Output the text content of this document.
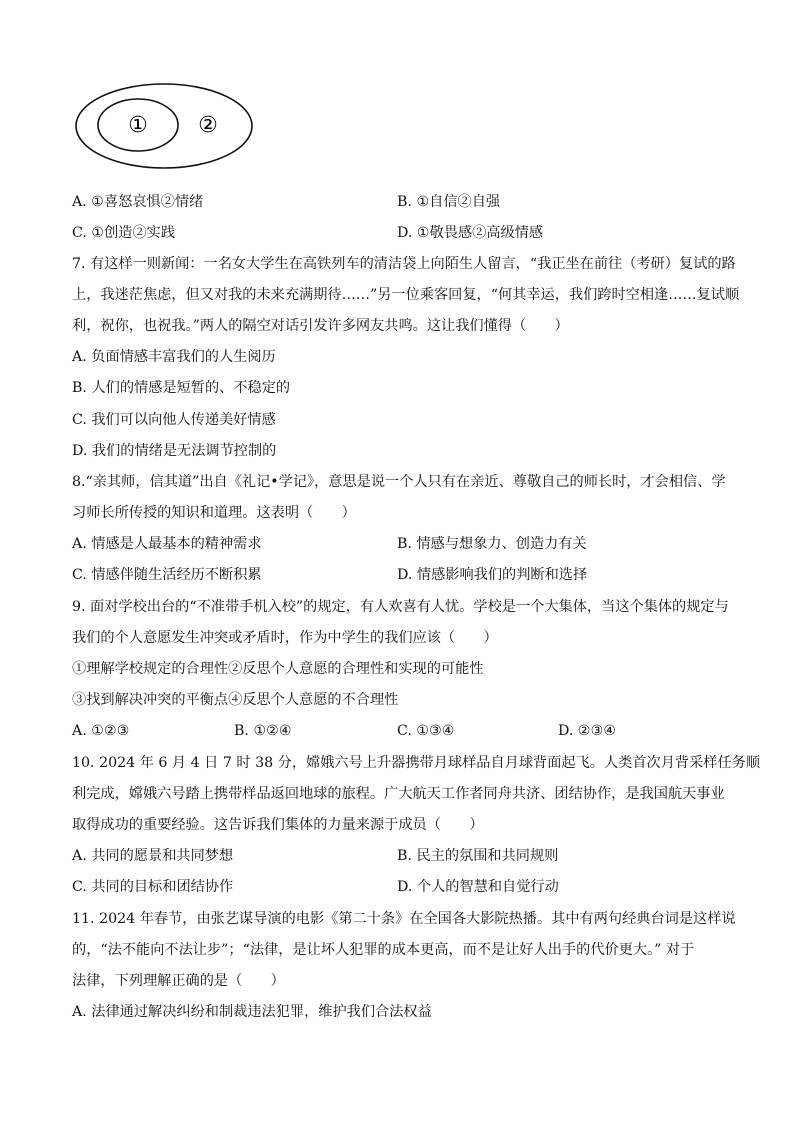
① ②
A. ①喜怒哀惧②情绪	B. ①自信②自强
C. ①创造②实践	D. ①敬畏感②高级情感
7. 有这样一则新闻：一名女大学生在高铁列车的清洁袋上向陌生人留言，“我正坐在前往（考研）复试的路
上，我迷茫焦虑，但又对我的未来充满期待……”另一位乘客回复，“何其幸运，我们跨时空相逢……复试顺
利，祝你，也祝我。”两人的隔空对话引发许多网友共鸣。这让我们懂得（　　）
A. 负面情感丰富我们的人生阅历
B. 人们的情感是短暂的、不稳定的
C. 我们可以向他人传递美好情感
D. 我们的情绪是无法调节控制的
8.“亲其师，信其道”出自《礼记•学记》，意思是说一个人只有在亲近、尊敬自己的师长时，才会相信、学
习师长所传授的知识和道理。这表明（　　）
A. 情感是人最基本的精神需求	B. 情感与想象力、创造力有关
C. 情感伴随生活经历不断积累	D. 情感影响我们的判断和选择
9. 面对学校出台的“不准带手机入校”的规定，有人欢喜有人忧。学校是一个大集体，当这个集体的规定与
我们的个人意愿发生冲突或矛盾时，作为中学生的我们应该（　　）
①理解学校规定的合理性②反思个人意愿的合理性和实现的可能性
③找到解决冲突的平衡点④反思个人意愿的不合理性
A. ①②③	B. ①②④	C. ①③④	D. ②③④
10. 2024 年 6 月 4 日 7 时 38 分，嫦娥六号上升器携带月球样品自月球背面起飞。人类首次月背采样任务顺
利完成，嫦娥六号踏上携带样品返回地球的旅程。广大航天工作者同舟共济、团结协作，是我国航天事业
取得成功的重要经验。这告诉我们集体的力量来源于成员（　　）
A. 共同的愿景和共同梦想	B. 民主的氛围和共同规则
C. 共同的目标和团结协作	D. 个人的智慧和自觉行动
11. 2024 年春节，由张艺谋导演的电影《第二十条》在全国各大影院热播。其中有两句经典台词是这样说
的，“法不能向不法让步”；“法律，是让坏人犯罪的成本更高，而不是让好人出手的代价更大。” 对于
法律，下列理解正确的是（　　）
A. 法律通过解决纠纷和制裁违法犯罪，维护我们合法权益
